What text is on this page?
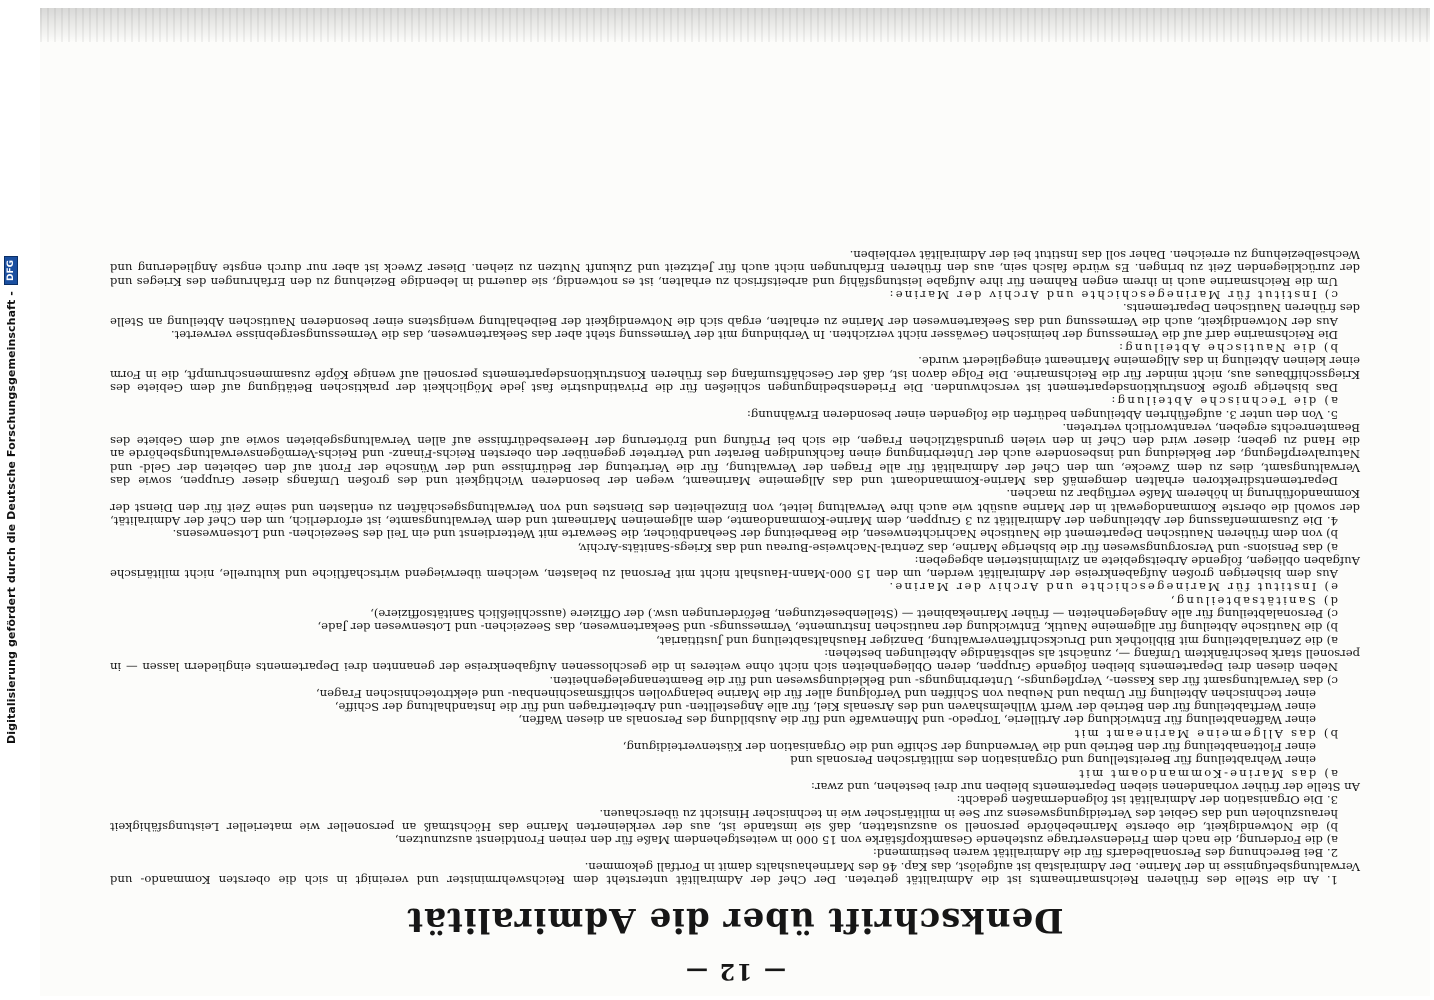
Digitalisierung gefördert durch die Deutsche Forschungsgemeinschaft -
DFG
— 12 —
Denkschrift über die Admiralität

1. An die Stelle des früheren Reichsmarineamts ist die Admiralität getreten. Der Chef der Admiralität untersteht dem Reichswehrminister und vereinigt in sich die obersten Kommando- und Verwaltungsbefugnisse in der Marine. Der Admiralstab ist aufgelöst, das Kap. 46 des Marinehaushalts damit in Fortfall gekommen.

2. Bei Berechnung des Personalbedarfs für die Admiralität waren bestimmend:

a) die Forderung, die nach dem Friedensvertrage zustehende Gesamtkopfstärke von 15 000 in weitestgehendem Maße für den reinen Frontdienst auszunutzen,

b) die Notwendigkeit, die oberste Marinebehörde personell so auszustatten, daß sie imstande ist, aus der verkleinerten Marine das Höchstmaß an personeller wie materieller Leistungsfähigkeit herauszuholen und das Gebiet des Verteidigungswesens zur See in militärischer wie in technischer Hinsicht zu überschauen.

3. Die Organisation der Admiralität ist folgendermaßen gedacht:

An Stelle der früher vorhandenen sieben Departements bleiben nur drei bestehen, und zwar:

a) das Marine-Kommandoamt mit

einer Wehrabteilung für Bereitstellung und Organisation des militärischen Personals und

einer Flottenabteilung für den Betrieb und die Verwendung der Schiffe und die Organisation der Küstenverteidigung,

b) das Allgemeine Marineamt mit

einer Waffenabteilung für Entwicklung der Artillerie, Torpedo- und Minenwaffe und für die Ausbildung des Personals an diesen Waffen,

einer Werftabteilung für den Betrieb der Werft Wilhelmshaven und des Arsenals Kiel, für alle Angestellten- und Arbeiterfragen und für die Instandhaltung der Schiffe,

einer technischen Abteilung für Umbau und Neubau von Schiffen und Verfolgung aller für die Marine belangvollen schiffsmaschinenbau- und elektrotechnischen Fragen,

c) das Verwaltungsamt für das Kassen-, Verpflegungs-, Unterbringungs- und Bekleidungswesen und für die Beamtenangelegenheiten.

Neben diesen drei Departements bleiben folgende Gruppen, deren Obliegenheiten sich nicht ohne weiteres in die geschlossenen Aufgabenkreise der genannten drei Departements eingliedern lassen — in personell stark beschränktem Umfang —, zunächst als selbständige Abteilungen bestehen:

a) die Zentralabteilung mit Bibliothek und Druckschriftenverwaltung, Danziger Haushaltsabteilung und Justitiariat,

b) die Nautische Abteilung für allgemeine Nautik, Entwicklung der nautischen Instrumente, Vermessungs- und Seekartenwesen, das Seezeichen- und Lotsenwesen der Jade,

c) Personalabteilung für alle Angelegenheiten — früher Marinekabinett — (Stellenbesetzungen, Beförderungen usw.) der Offiziere (ausschließlich Sanitätsoffiziere),

d) Sanitätsabteilung,

e) Institut für Marinegeschichte und Archiv der Marine.

Aus dem bisherigen großen Aufgabenkreise der Admiralität werden, um den 15 000-Mann-Haushalt nicht mit Personal zu belasten, welchem überwiegend wirtschaftliche und kulturelle, nicht militärische Aufgaben obliegen, folgende Arbeitsgebiete an Zivilministerien abgegeben:

a) das Pensions- und Versorgungswesen für die bisherige Marine, das Zentral-Nachweise-Bureau und das Kriegs-Sanitäts-Archiv,

b) von dem früheren Nautischen Departement die Nautische Nachrichtenwesen, die Bearbeitung der Seehandbücher, die Seewarte mit Wetterdienst und ein Teil des Seezeichen- und Lotsenwesens.

4. Die Zusammenfassung der Abteilungen der Admiralität zu 3 Gruppen, dem Marine-Kommandoamte, dem allgemeinen Marineamt und dem Verwaltungsamte, ist erforderlich, um den Chef der Admiralität, der sowohl die oberste Kommandogewalt in der Marine ausübt wie auch ihre Verwaltung leitet, von Einzelheiten des Dienstes und von Verwaltungsgeschäften zu entlasten und seine Zeit für den Dienst der Kommandoführung in höherem Maße verfügbar zu machen.

Departementsdirektoren erhalten demgemäß das Marine-Kommandoamt und das Allgemeine Marineamt, wegen der besonderen Wichtigkeit und des großen Umfangs dieser Gruppen, sowie das Verwaltungsamt, dies zu dem Zwecke, um den Chef der Admiralität für alle Fragen der Verwaltung, für die Vertretung der Bedürfnisse und der Wünsche der Front auf den Gebieten der Geld- und Naturalverpflegung, der Bekleidung und insbesondere auch der Unterbringung einen fachkundigen Berater und Vertreter gegenüber den obersten Reichs-Finanz- und Reichs-Vermögensverwaltungsbehörde an die Hand zu geben; dieser wird den Chef in den vielen grundsätzlichen Fragen, die sich bei Prüfung und Erörterung der Heeresbedürfnisse auf allen Verwaltungsgebieten sowie auf dem Gebiete des Beamtenrechts ergeben, verantwortlich vertreten.

5. Von den unter 3. aufgeführten Abteilungen bedürfen die folgenden einer besonderen Erwähnung:

a) die Technische Abteilung:

Das bisherige große Konstruktionsdepartement ist verschwunden. Die Friedensbedingungen schließen für die Privatindustrie fast jede Möglichkeit der praktischen Betätigung auf dem Gebiete des Kriegsschiffbaues aus, nicht minder für die Reichsmarine. Die Folge davon ist, daß der Geschäftsumfang des früheren Konstruktionsdepartements personell auf wenige Köpfe zusammenschrumpft, die in Form einer kleinen Abteilung in das Allgemeine Marineamt eingegliedert wurde.

b) die Nautische Abteilung:

Die Reichsmarine darf auf die Vermessung der heimischen Gewässer nicht verzichten. In Verbindung mit der Vermessung steht aber das Seekartenwesen, das die Vermessungsergebnisse verwertet.

Aus der Notwendigkeit, auch die Vermessung und das Seekartenwesen der Marine zu erhalten, ergab sich die Notwendigkeit der Beibehaltung wenigstens einer besonderen Nautischen Abteilung an Stelle des früheren Nautischen Departements.

c) Institut für Marinegeschichte und Archiv der Marine:

Um die Reichsmarine auch in ihrem engen Rahmen für ihre Aufgabe leistungsfähig und arbeitsfrisch zu erhalten, ist es notwendig, sie dauernd in lebendige Beziehung zu den Erfahrungen des Krieges und der zurückliegenden Zeit zu bringen. Es würde falsch sein, aus den früheren Erfahrungen nicht auch für Jetztzeit und Zukunft Nutzen zu ziehen. Dieser Zweck ist aber nur durch engste Angliederung und Wechselbeziehung zu erreichen. Daher soll das Institut bei der Admiralität verbleiben.
